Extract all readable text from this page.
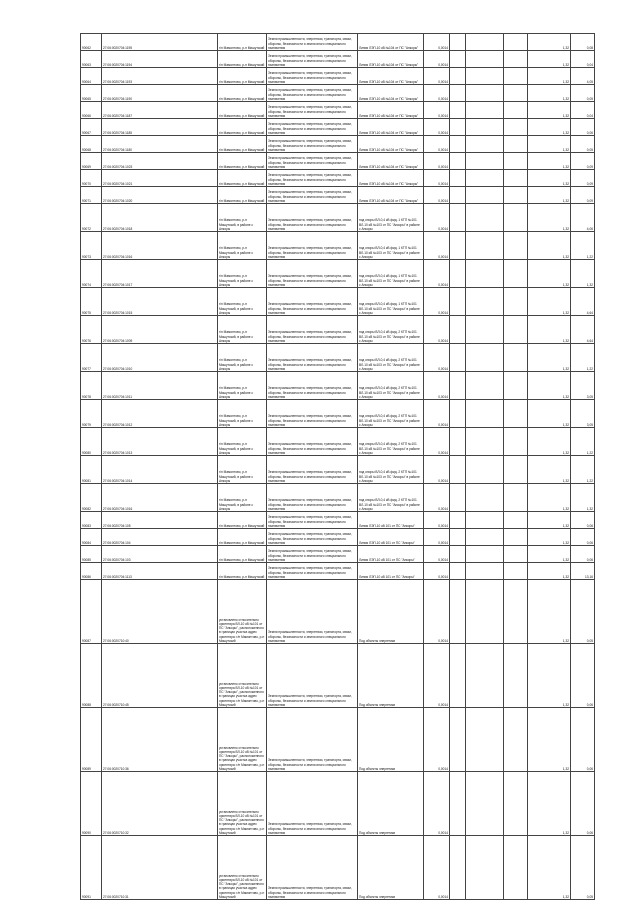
90062	27:06:0020704:1195	г/п Мамонтово, р-н Мишутский	Земли промышленности, энергетики, транспорта, связи, обороны, безопасности и земли иного специального назначения	Линия ЛЭП-10 кВ №104 от ПС "Анкоры"	0,0014				1,32	0,08
90063	27:06:0020704:1194	г/п Мамонтово, р-н Мишутский	Земли промышленности, энергетики, транспорта, связи, обороны, безопасности и земли иного специального назначения	Линия ЛЭП-10 кВ №104 от ПС "Анкоры"	0,0014				1,32	0,04
90064	27:06:0020704:1193	г/п Мамонтово, р-н Мишутский	Земли промышленности, энергетики, транспорта, связи, обороны, безопасности и земли иного специального назначения	Линия ЛЭП-10 кВ №104 от ПС "Анкоры"	0,0014				1,32	4,05
90065	27:06:0020704:1190	г/п Мамонтово, р-н Мишутский	Земли промышленности, энергетики, транспорта, связи, обороны, безопасности и земли иного специального назначения	Линия ЛЭП-10 кВ №104 от ПС "Анкоры"	0,0014				1,32	0,05
90066	27:06:0020704:1187	г/п Мамонтово, р-н Мишутский	Земли промышленности, энергетики, транспорта, связи, обороны, безопасности и земли иного специального назначения	Линия ЛЭП-10 кВ №104 от ПС "Анкоры"	0,0014				1,32	0,04
90067	27:06:0020704:1185	г/п Мамонтово, р-н Мишутский	Земли промышленности, энергетики, транспорта, связи, обороны, безопасности и земли иного специального назначения	Линия ЛЭП-10 кВ №104 от ПС "Анкоры"	0,0014				1,32	0,06
90068	27:06:0020704:1180	г/п Мамонтово, р-н Мишутский	Земли промышленности, энергетики, транспорта, связи, обороны, безопасности и земли иного специального назначения	Линия ЛЭП-10 кВ №104 от ПС "Анкоры"	0,0014				1,32	0,05
90069	27:06:0020704:1023	г/п Мамонтово, р-н Мишутский	Земли промышленности, энергетики, транспорта, связи, обороны, безопасности и земли иного специального назначения	Линия ЛЭП-10 кВ №104 от ПС "Анкоры"	0,0014				1,32	0,09
90070	27:06:0020704:1021	г/п Мамонтово, р-н Мишутский	Земли промышленности, энергетики, транспорта, связи, обороны, безопасности и земли иного специального назначения	Линия ЛЭП-10 кВ №104 от ПС "Анкоры"	0,0014				1,32	0,09
90071	27:06:0020704:1020	г/п Мамонтово, р-н Мишутский	Земли промышленности, энергетики, транспорта, связи, обороны, безопасности и земли иного специального назначения	Линия ЛЭП-10 кВ №104 от ПС "Анкоры"	0,0014				1,32	0,09
90072	27:06:0020704:1018	г/п Мамонтово, р-н Мишутский, в районе с Анкоры	Земли промышленности, энергетики, транспорта, связи, обороны, безопасности и земли иного специального назначения	под опоры ВЛ-0,4 кВ фид. 1 КТП №101 ВЛ-10 кВ №103 от ПС "Анкоры" в районе с Анкоры	0,0014				1,32	4,06
90073	27:06:0020704:1016	г/п Мамонтово, р-н Мишутский, в районе с Анкоры	Земли промышленности, энергетики, транспорта, связи, обороны, безопасности и земли иного специального назначения	под опоры ВЛ-0,4 кВ фид. 1 КТП №101 ВЛ-10 кВ №103 от ПС "Анкоры" в районе с Анкоры	0,0014				1,32	1,22
90074	27:06:0020704:1017	г/п Мамонтово, р-н Мишутский, в районе с Анкоры	Земли промышленности, энергетики, транспорта, связи, обороны, безопасности и земли иного специального назначения	под опоры ВЛ-0,4 кВ фид. 1 КТП №101 ВЛ-10 кВ №103 от ПС "Анкоры" в районе с Анкоры	0,0014				1,32	1,32
90075	27:06:0020704:1015	г/п Мамонтово, р-н Мишутский, в районе с Анкоры	Земли промышленности, энергетики, транспорта, связи, обороны, безопасности и земли иного специального назначения	под опоры ВЛ-0,4 кВ фид. 1 КТП №101 ВЛ-10 кВ №103 от ПС "Анкоры" в районе с Анкоры	0,0014				1,32	4,64
90076	27:06:0020704:1009	г/п Мамонтово, р-н Мишутский, в районе с Анкоры	Земли промышленности, энергетики, транспорта, связи, обороны, безопасности и земли иного специального назначения	под опоры ВЛ-0,4 кВ фид. 2 КТП №101 ВЛ-10 кВ №103 от ПС "Анкоры" в районе с Анкоры	0,0014				1,32	4,64
90077	27:06:0020704:1010	г/п Мамонтово, р-н Мишутский, в районе с Анкоры	Земли промышленности, энергетики, транспорта, связи, обороны, безопасности и земли иного специального назначения	под опоры ВЛ-0,4 кВ фид. 2 КТП №101 ВЛ-10 кВ №103 от ПС "Анкоры" в районе с Анкоры	0,0014				1,32	1,22
90078	27:06:0020704:1011	г/п Мамонтово, р-н Мишутский, в районе с Анкоры	Земли промышленности, энергетики, транспорта, связи, обороны, безопасности и земли иного специального назначения	под опоры ВЛ-0,4 кВ фид. 2 КТП №101 ВЛ-10 кВ №103 от ПС "Анкоры" в районе с Анкоры	0,0014				1,32	3,05
90079	27:06:0020704:1012	г/п Мамонтово, р-н Мишутский, в районе с Анкоры	Земли промышленности, энергетики, транспорта, связи, обороны, безопасности и земли иного специального назначения	под опоры ВЛ-0,4 кВ фид. 2 КТП №101 ВЛ-10 кВ №103 от ПС "Анкоры" в районе с Анкоры	0,0014				1,32	3,05
90080	27:06:0020704:1013	г/п Мамонтово, р-н Мишутский, в районе с Анкоры	Земли промышленности, энергетики, транспорта, связи, обороны, безопасности и земли иного специального назначения	под опоры ВЛ-0,4 кВ фид. 2 КТП №101 ВЛ-10 кВ №103 от ПС "Анкоры" в районе с Анкоры	0,0014				1,32	1,22
90081	27:06:0020704:1014	г/п Мамонтово, р-н Мишутский, в районе с Анкоры	Земли промышленности, энергетики, транспорта, связи, обороны, безопасности и земли иного специального назначения	под опоры ВЛ-0,4 кВ фид. 2 КТП №101 ВЛ-10 кВ №103 от ПС "Анкоры" в районе с Анкоры	0,0014				1,32	1,22
90082	27:06:0020704:1016	г/п Мамонтово, р-н Мишутский, в районе с Анкоры	Земли промышленности, энергетики, транспорта, связи, обороны, безопасности и земли иного специального назначения	под опоры ВЛ-0,4 кВ фид. 2 КТП №101 ВЛ-10 кВ №103 от ПС "Анкоры" в районе с Анкоры	0,0014				1,32	1,32
90083	27:06:0020704:105	г/п Мамонтово, р-н Мишутский	Земли промышленности, энергетики, транспорта, связи, обороны, безопасности и земли иного специального назначения	Линия ЛЭП-10 кВ 101 от ПС "Анкоры"	0,0014				1,32	0,06
90084	27:06:0020704:104	г/п Мамонтово, р-н Мишутский	Земли промышленности, энергетики, транспорта, связи, обороны, безопасности и земли иного специального назначения	Линия ЛЭП-10 кВ 101 от ПС "Анкоры"	0,0014				1,32	0,06
90085	27:06:0020704:103	г/п Мамонтово, р-н Мишутский	Земли промышленности, энергетики, транспорта, связи, обороны, безопасности и земли иного специального назначения	Линия ЛЭП-10 кВ 101 от ПС "Анкоры"	0,0014				1,32	0,06
90086	27:06:0020704:1113	г/п Мамонтово, р-н Мишутский	Земли промышленности, энергетики, транспорта, связи, обороны, безопасности и земли иного специального назначения	Линия ЛЭП-10 кВ 101 от ПС "Анкоры"	0,0014				1,32	13,16
90087	27:06:0020710:40	установлено относительно ориентира ВЛ-10 кВ №101 от ПС "Анкоры", расположенного в границах участка адрес ориентира: г/п Мамонтово, р-н Мишутский	Земли промышленности, энергетики, транспорта, связи, обороны, безопасности и земли иного специального назначения	Под объекты энергетики	0,0014				1,32	0,05
90088	27:06:0020710:45	установлено относительно ориентира ВЛ-10 кВ №101 от ПС "Анкоры", расположенного в границах участка адрес ориентира: г/п Мамонтово, р-н Мишутский	Земли промышленности, энергетики, транспорта, связи, обороны, безопасности и земли иного специального назначения	Под объекты энергетики	0,0014				1,32	0,06
90089	27:06:0020710:36	установлено относительно ориентира ВЛ-10 кВ №101 от ПС "Анкоры", расположенного в границах участка адрес ориентира: г/п Мамонтово, р-н Мишутский	Земли промышленности, энергетики, транспорта, связи, обороны, безопасности и земли иного специального назначения	Под объекты энергетики	0,0014				1,32	0,06
90090	27:06:0020710:32	установлено относительно ориентира ВЛ-10 кВ №101 от ПС "Анкоры", расположенного в границах участка адрес ориентира: г/п Мамонтово, р-н Мишутский	Земли промышленности, энергетики, транспорта, связи, обороны, безопасности и земли иного специального назначения	Под объекты энергетики	0,0014				1,32	0,06
90091	27:06:0020710:31	установлено относительно ориентира ВЛ-10 кВ №101 от ПС "Анкоры", расположенного в границах участка адрес ориентира: г/п Мамонтово, р-н Мишутский	Земли промышленности, энергетики, транспорта, связи, обороны, безопасности и земли иного специального назначения	Под объекты энергетики	0,0014				1,32	0,05
